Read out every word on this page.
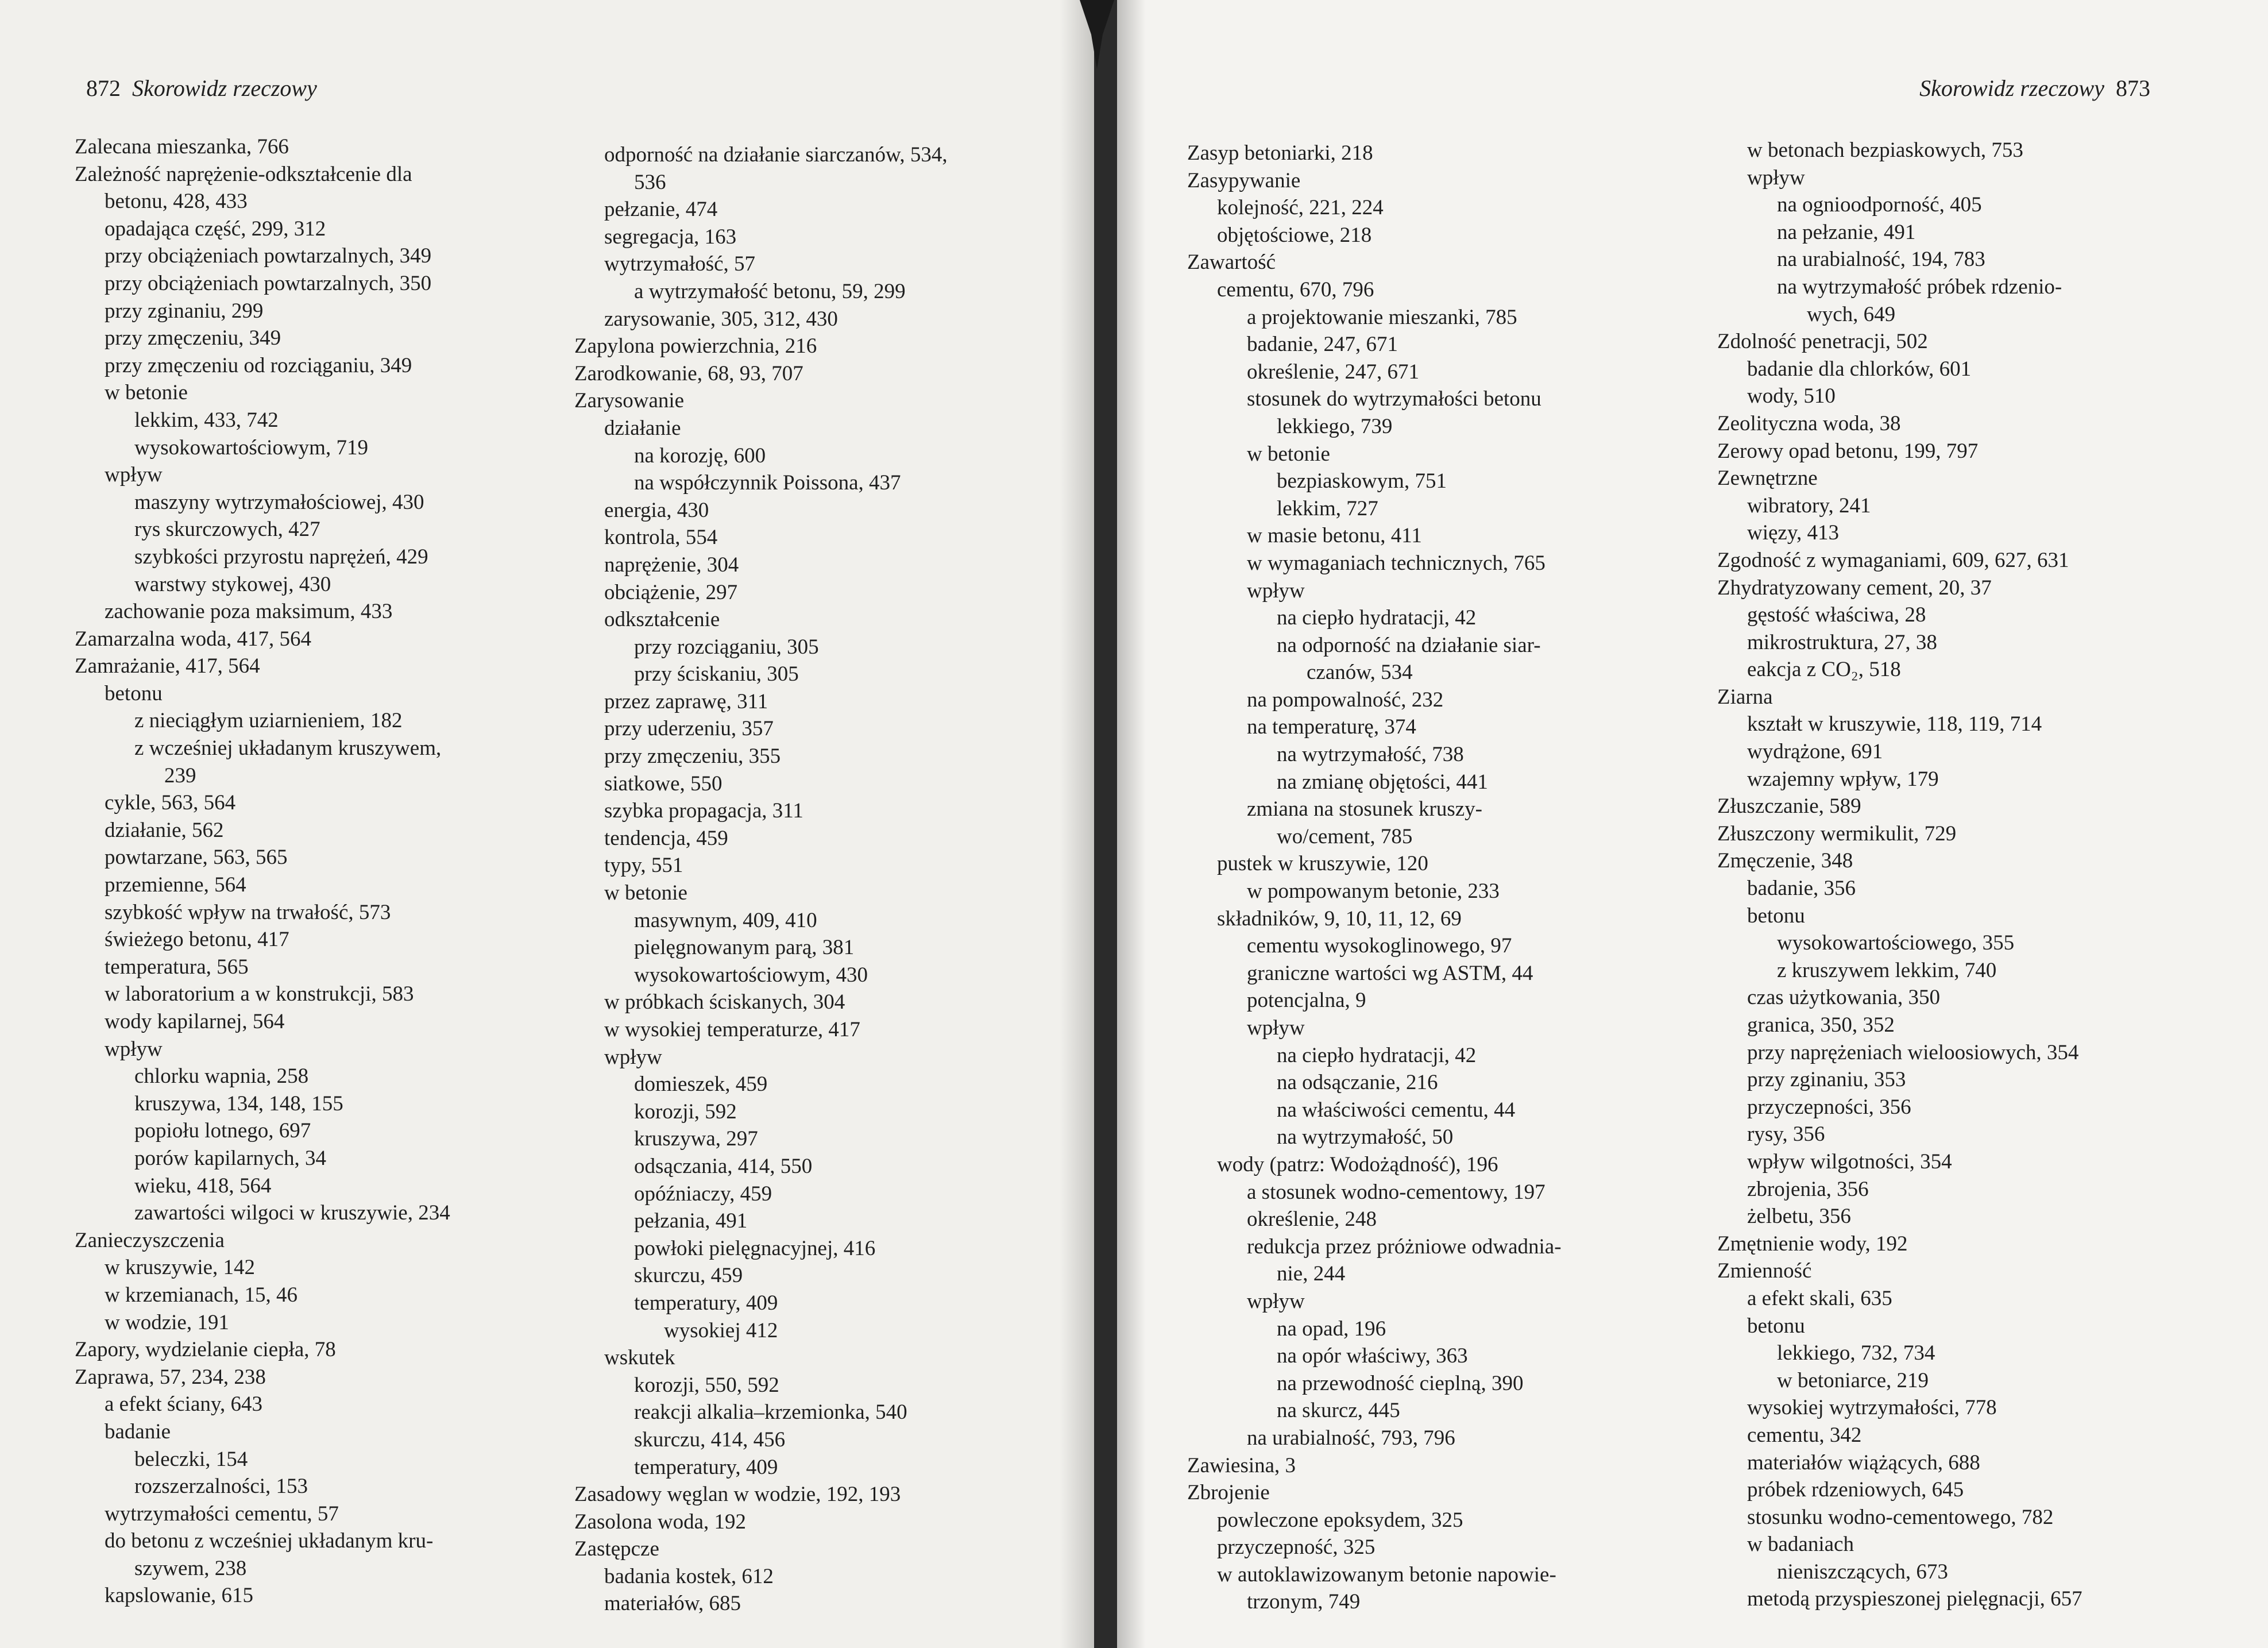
872 Skorowidz rzeczowy
Zalecana mieszanka, 766
Zależność naprężenie-odkształcenie dla
betonu, 428, 433
opadająca część, 299, 312
przy obciążeniach powtarzalnych, 349
przy obciążeniach powtarzalnych, 350
przy zginaniu, 299
przy zmęczeniu, 349
przy zmęczeniu od rozciąganiu, 349
w betonie
lekkim, 433, 742
wysokowartościowym, 719
wpływ
maszyny wytrzymałościowej, 430
rys skurczowych, 427
szybkości przyrostu naprężeń, 429
warstwy stykowej, 430
zachowanie poza maksimum, 433
Zamarzalna woda, 417, 564
Zamrażanie, 417, 564
betonu
z nieciągłym uziarnieniem, 182
z wcześniej układanym kruszywem,
239
cykle, 563, 564
działanie, 562
powtarzane, 563, 565
przemienne, 564
szybkość wpływ na trwałość, 573
świeżego betonu, 417
temperatura, 565
w laboratorium a w konstrukcji, 583
wody kapilarnej, 564
wpływ
chlorku wapnia, 258
kruszywa, 134, 148, 155
popiołu lotnego, 697
porów kapilarnych, 34
wieku, 418, 564
zawartości wilgoci w kruszywie, 234
Zanieczyszczenia
w kruszywie, 142
w krzemianach, 15, 46
w wodzie, 191
Zapory, wydzielanie ciepła, 78
Zaprawa, 57, 234, 238
a efekt ściany, 643
badanie
beleczki, 154
rozszerzalności, 153
wytrzymałości cementu, 57
do betonu z wcześniej układanym kru-
szywem, 238
kapslowanie, 615
odporność na działanie siarczanów, 534,
536
pełzanie, 474
segregacja, 163
wytrzymałość, 57
a wytrzymałość betonu, 59, 299
zarysowanie, 305, 312, 430
Zapylona powierzchnia, 216
Zarodkowanie, 68, 93, 707
Zarysowanie
działanie
na korozję, 600
na współczynnik Poissona, 437
energia, 430
kontrola, 554
naprężenie, 304
obciążenie, 297
odkształcenie
przy rozciąganiu, 305
przy ściskaniu, 305
przez zaprawę, 311
przy uderzeniu, 357
przy zmęczeniu, 355
siatkowe, 550
szybka propagacja, 311
tendencja, 459
typy, 551
w betonie
masywnym, 409, 410
pielęgnowanym parą, 381
wysokowartościowym, 430
w próbkach ściskanych, 304
w wysokiej temperaturze, 417
wpływ
domieszek, 459
korozji, 592
kruszywa, 297
odsączania, 414, 550
opóźniaczy, 459
pełzania, 491
powłoki pielęgnacyjnej, 416
skurczu, 459
temperatury, 409
wysokiej 412
wskutek
korozji, 550, 592
reakcji alkalia–krzemionka, 540
skurczu, 414, 456
temperatury, 409
Zasadowy węglan w wodzie, 192, 193
Zasolona woda, 192
Zastępcze
badania kostek, 612
materiałów, 685
Skorowidz rzeczowy 873
Zasyp betoniarki, 218
Zasypywanie
kolejność, 221, 224
objętościowe, 218
Zawartość
cementu, 670, 796
a projektowanie mieszanki, 785
badanie, 247, 671
określenie, 247, 671
stosunek do wytrzymałości betonu
lekkiego, 739
w betonie
bezpiaskowym, 751
lekkim, 727
w masie betonu, 411
w wymaganiach technicznych, 765
wpływ
na ciepło hydratacji, 42
na odporność na działanie siar-
czanów, 534
na pompowalność, 232
na temperaturę, 374
na wytrzymałość, 738
na zmianę objętości, 441
zmiana na stosunek kruszy-
wo/cement, 785
pustek w kruszywie, 120
w pompowanym betonie, 233
składników, 9, 10, 11, 12, 69
cementu wysokoglinowego, 97
graniczne wartości wg ASTM, 44
potencjalna, 9
wpływ
na ciepło hydratacji, 42
na odsączanie, 216
na właściwości cementu, 44
na wytrzymałość, 50
wody (patrz: Wodożądność), 196
a stosunek wodno-cementowy, 197
określenie, 248
redukcja przez próżniowe odwadnia-
nie, 244
wpływ
na opad, 196
na opór właściwy, 363
na przewodność cieplną, 390
na skurcz, 445
na urabialność, 793, 796
Zawiesina, 3
Zbrojenie
powleczone epoksydem, 325
przyczepność, 325
w autoklawizowanym betonie napowie-
trzonym, 749
w betonach bezpiaskowych, 753
wpływ
na ognioodporność, 405
na pełzanie, 491
na urabialność, 194, 783
na wytrzymałość próbek rdzenio-
wych, 649
Zdolność penetracji, 502
badanie dla chlorków, 601
wody, 510
Zeolityczna woda, 38
Zerowy opad betonu, 199, 797
Zewnętrzne
wibratory, 241
więzy, 413
Zgodność z wymaganiami, 609, 627, 631
Zhydratyzowany cement, 20, 37
gęstość właściwa, 28
mikrostruktura, 27, 38
eakcja z CO₂, 518
Ziarna
kształt w kruszywie, 118, 119, 714
wydrążone, 691
wzajemny wpływ, 179
Złuszczanie, 589
Złuszczony wermikulit, 729
Zmęczenie, 348
badanie, 356
betonu
wysokowartościowego, 355
z kruszywem lekkim, 740
czas użytkowania, 350
granica, 350, 352
przy naprężeniach wieloosiowych, 354
przy zginaniu, 353
przyczepności, 356
rysy, 356
wpływ wilgotności, 354
zbrojenia, 356
żelbetu, 356
Zmętnienie wody, 192
Zmienność
a efekt skali, 635
betonu
lekkiego, 732, 734
w betoniarce, 219
wysokiej wytrzymałości, 778
cementu, 342
materiałów wiążących, 688
próbek rdzeniowych, 645
stosunku wodno-cementowego, 782
w badaniach
nieniszczących, 673
metodą przyspieszonej pielęgnacji, 657
